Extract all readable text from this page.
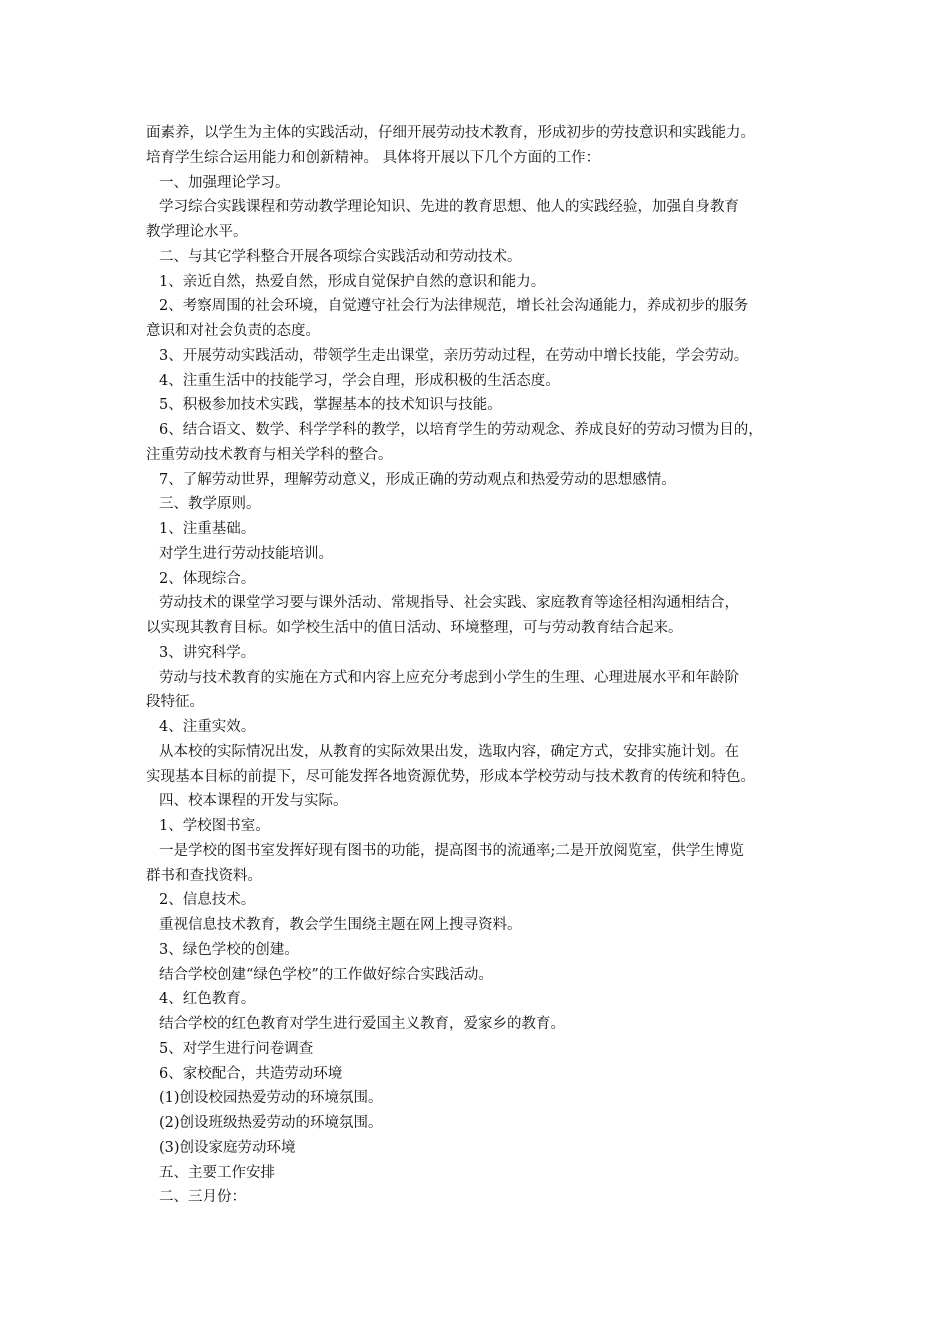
面素养，以学生为主体的实践活动，仔细开展劳动技术教育，形成初步的劳技意识和实践能力。
培育学生综合运用能力和创新精神。 具体将开展以下几个方面的工作：
一、加强理论学习。
学习综合实践课程和劳动教学理论知识、先进的教育思想、他人的实践经验，加强自身教育
教学理论水平。
二、与其它学科整合开展各项综合实践活动和劳动技术。
1、亲近自然，热爱自然，形成自觉保护自然的意识和能力。
2、考察周围的社会环境，自觉遵守社会行为法律规范，增长社会沟通能力，养成初步的服务
意识和对社会负责的态度。
3、开展劳动实践活动，带领学生走出课堂，亲历劳动过程，在劳动中增长技能，学会劳动。
4、注重生活中的技能学习，学会自理，形成积极的生活态度。
5、积极参加技术实践，掌握基本的技术知识与技能。
6、结合语文、数学、科学学科的教学，以培育学生的劳动观念、养成良好的劳动习惯为目的，
注重劳动技术教育与相关学科的整合。
7、了解劳动世界，理解劳动意义，形成正确的劳动观点和热爱劳动的思想感情。
三、教学原则。
1、注重基础。
对学生进行劳动技能培训。
2、体现综合。
劳动技术的课堂学习要与课外活动、常规指导、社会实践、家庭教育等途径相沟通相结合，
以实现其教育目标。如学校生活中的值日活动、环境整理，可与劳动教育结合起来。
3、讲究科学。
劳动与技术教育的实施在方式和内容上应充分考虑到小学生的生理、心理进展水平和年龄阶
段特征。
4、注重实效。
从本校的实际情况出发，从教育的实际效果出发，选取内容，确定方式，安排实施计划。在
实现基本目标的前提下，尽可能发挥各地资源优势，形成本学校劳动与技术教育的传统和特色。
四、校本课程的开发与实际。
1、学校图书室。
一是学校的图书室发挥好现有图书的功能，提高图书的流通率;二是开放阅览室，供学生博览
群书和查找资料。
2、信息技术。
重视信息技术教育，教会学生围绕主题在网上搜寻资料。
3、绿色学校的创建。
结合学校创建“绿色学校”的工作做好综合实践活动。
4、红色教育。
结合学校的红色教育对学生进行爱国主义教育，爱家乡的教育。
5、对学生进行问卷调查
6、家校配合，共造劳动环境
(1)创设校园热爱劳动的环境氛围。
(2)创设班级热爱劳动的环境氛围。
(3)创设家庭劳动环境
五、主要工作安排
二、三月份：
